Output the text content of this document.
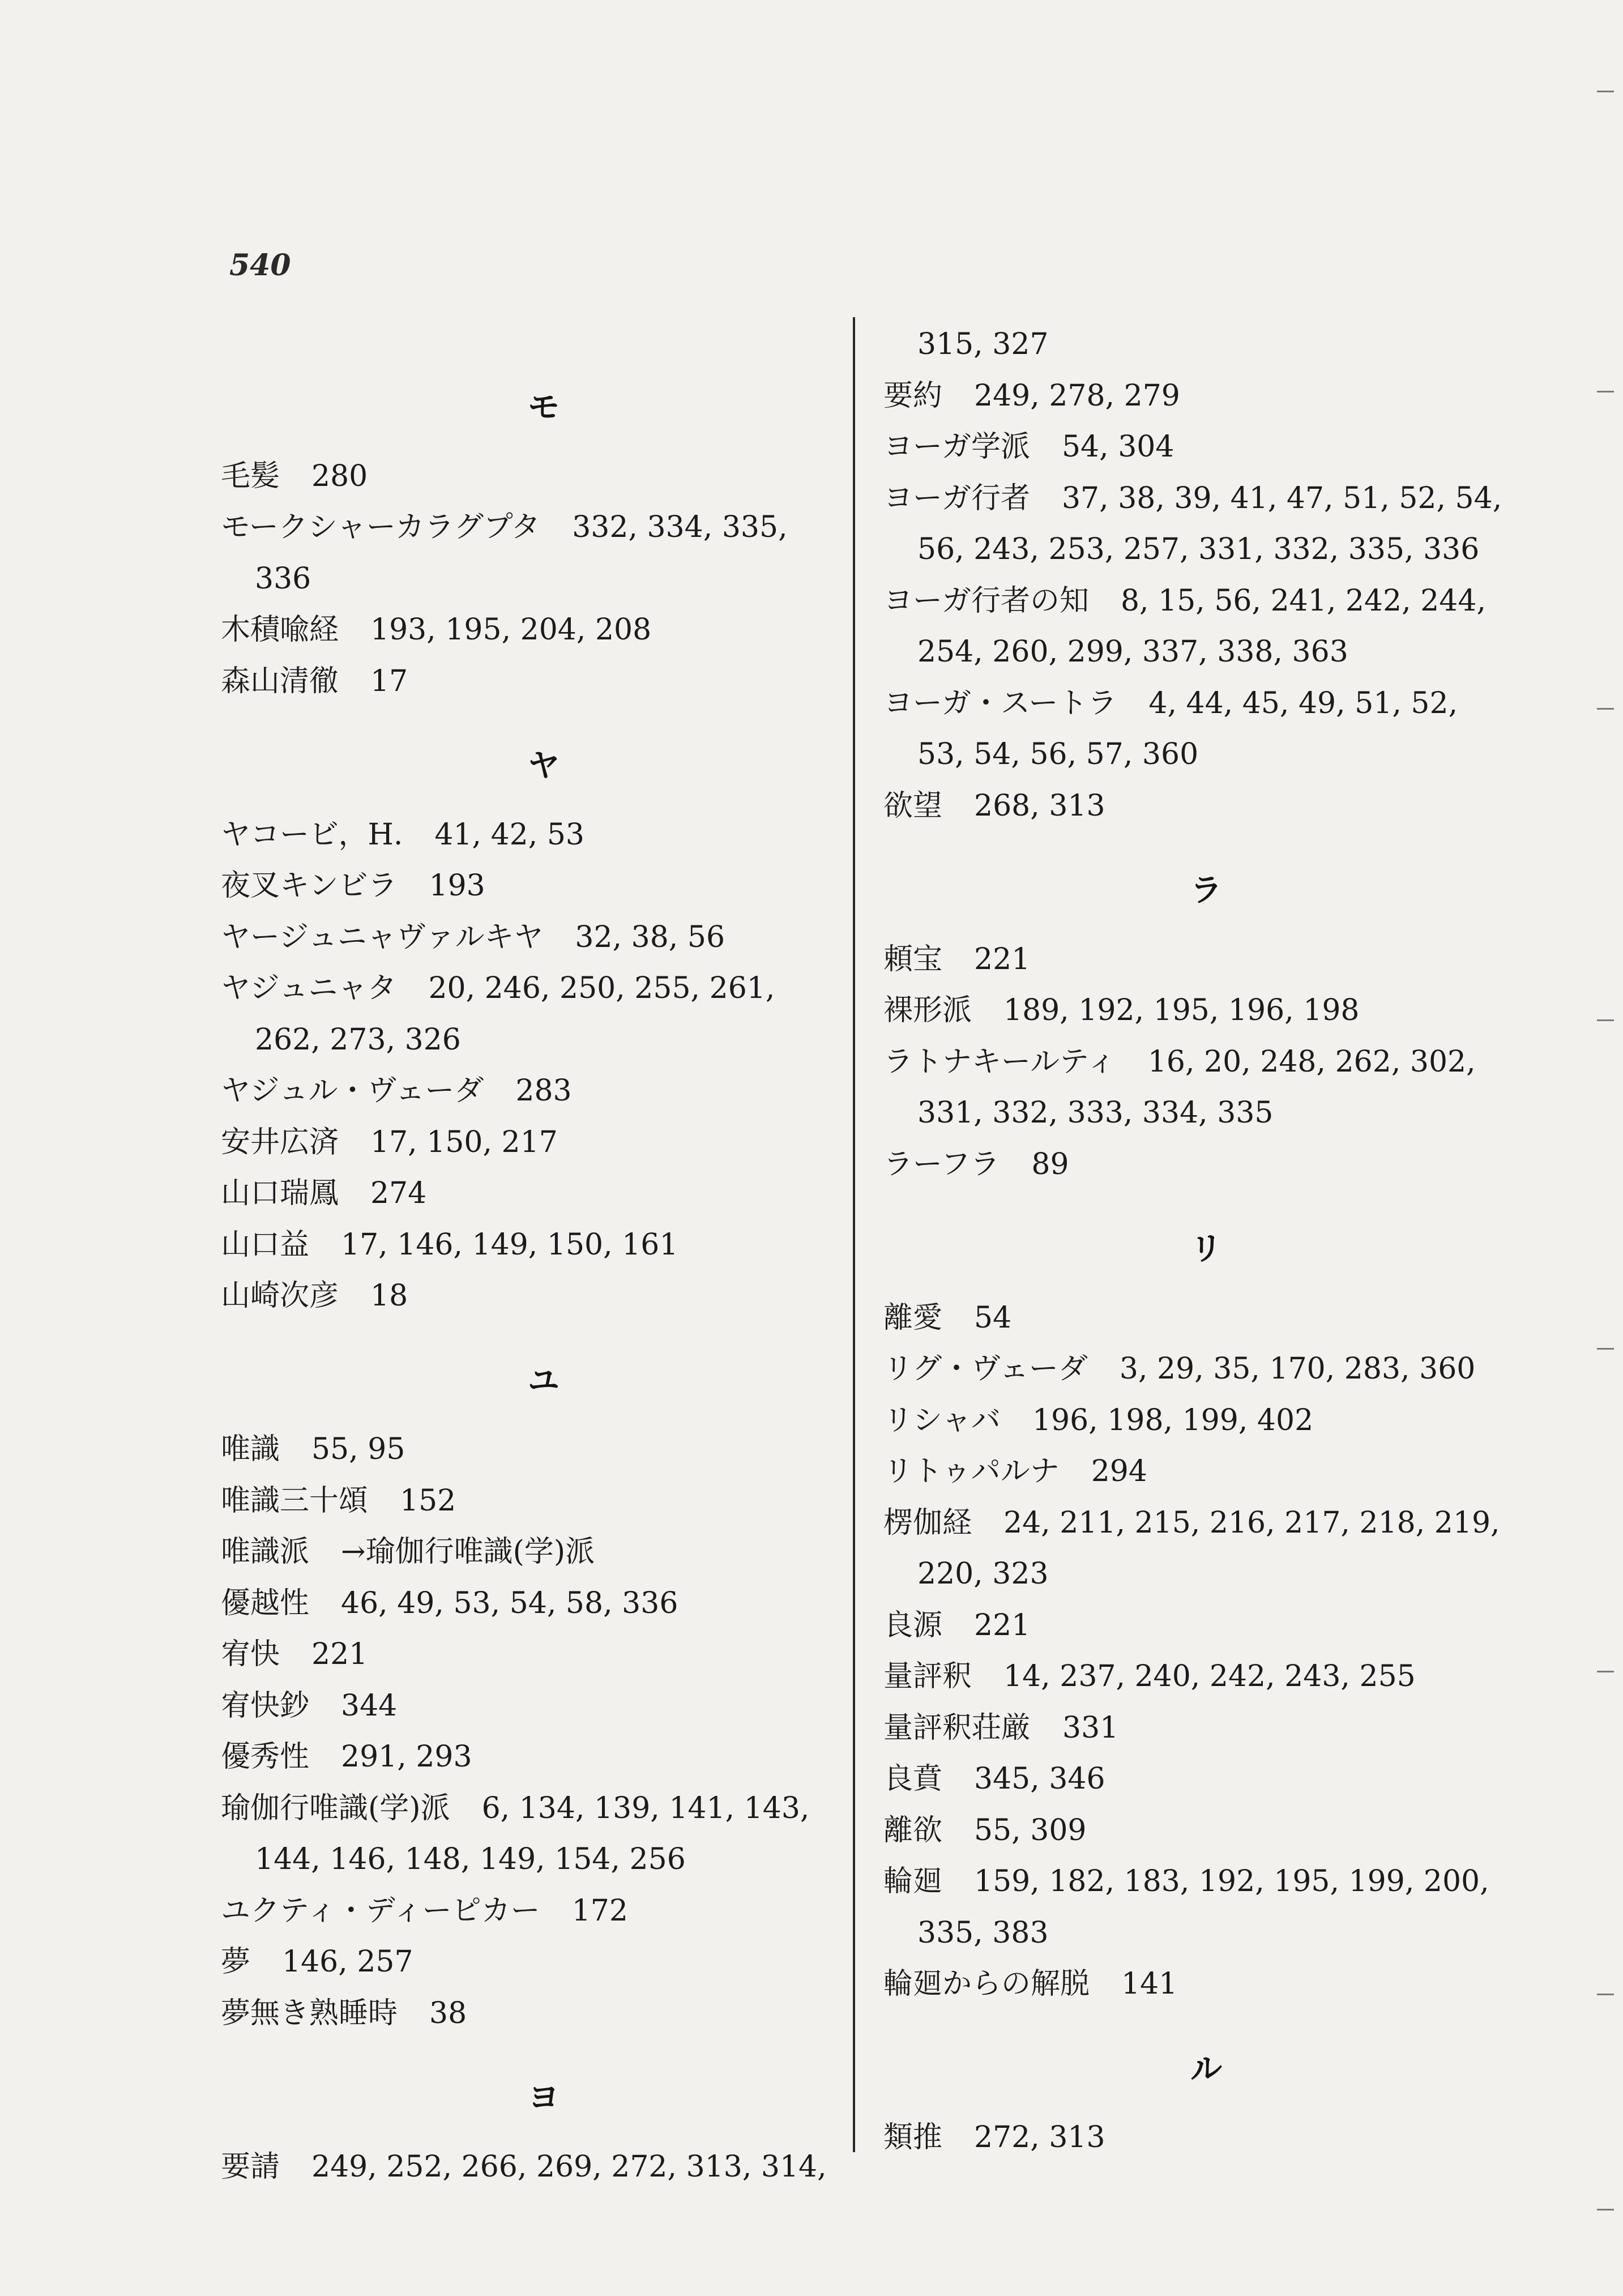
540
モ
毛髪 280
モークシャーカラグプタ 332, 334, 335,
336
木積喩経 193, 195, 204, 208
森山清徹 17
ヤ
ヤコービ，H. 41, 42, 53
夜叉キンビラ 193
ヤージュニャヴァルキヤ 32, 38, 56
ヤジュニャタ 20, 246, 250, 255, 261,
262, 273, 326
ヤジュル・ヴェーダ 283
安井広済 17, 150, 217
山口瑞鳳 274
山口益 17, 146, 149, 150, 161
山崎次彦 18
ユ
唯識 55, 95
唯識三十頌 152
唯識派 →瑜伽行唯識(学)派
優越性 46, 49, 53, 54, 58, 336
宥快 221
宥快鈔 344
優秀性 291, 293
瑜伽行唯識(学)派 6, 134, 139, 141, 143,
144, 146, 148, 149, 154, 256
ユクティ・ディーピカー 172
夢 146, 257
夢無き熟睡時 38
ヨ
要請 249, 252, 266, 269, 272, 313, 314,
315, 327
要約 249, 278, 279
ヨーガ学派 54, 304
ヨーガ行者 37, 38, 39, 41, 47, 51, 52, 54,
56, 243, 253, 257, 331, 332, 335, 336
ヨーガ行者の知 8, 15, 56, 241, 242, 244,
254, 260, 299, 337, 338, 363
ヨーガ・スートラ 4, 44, 45, 49, 51, 52,
53, 54, 56, 57, 360
欲望 268, 313
ラ
頼宝 221
裸形派 189, 192, 195, 196, 198
ラトナキールティ 16, 20, 248, 262, 302,
331, 332, 333, 334, 335
ラーフラ 89
リ
離愛 54
リグ・ヴェーダ 3, 29, 35, 170, 283, 360
リシャバ 196, 198, 199, 402
リトゥパルナ 294
楞伽経 24, 211, 215, 216, 217, 218, 219,
220, 323
良源 221
量評釈 14, 237, 240, 242, 243, 255
量評釈荘厳 331
良賁 345, 346
離欲 55, 309
輪廻 159, 182, 183, 192, 195, 199, 200,
335, 383
輪廻からの解脱 141
ル
類推 272, 313
